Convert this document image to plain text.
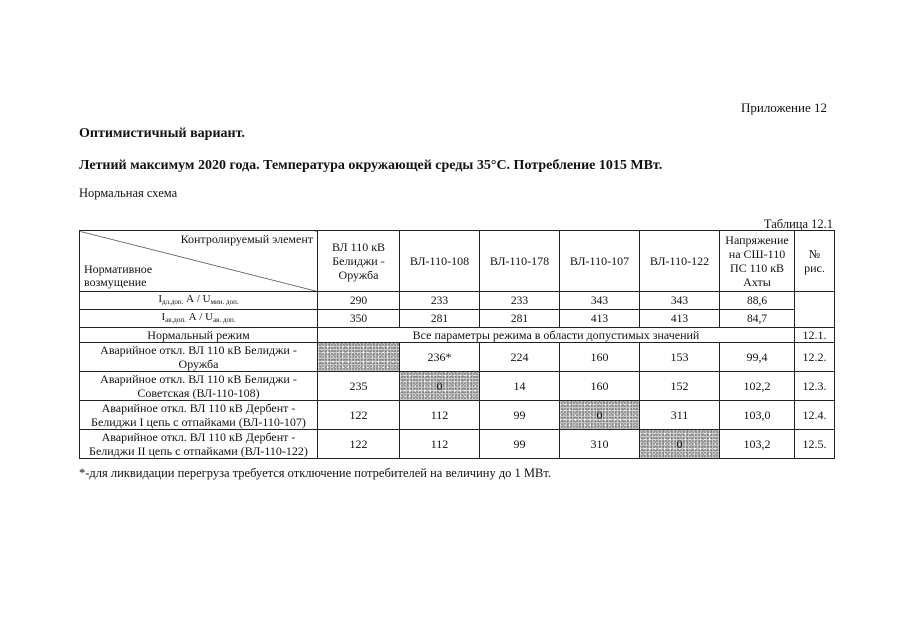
Приложение 12
Оптимистичный вариант.
Летний максимум 2020 года. Температура окружающей среды 35°С. Потребление 1015 МВт.
Нормальная схема
Таблица 12.1
Контролируемый элемент
Нормативное возмущение	ВЛ 110 кВ Белиджи - Оружба	ВЛ-110-108	ВЛ-110-178	ВЛ-110-107	ВЛ-110-122	Напряжение на СШ-110 ПС 110 кВ Ахты	№ рис.
$I_{дл.доп.}$ А / $U_{мин. доп.}$	290	233	233	343	343	88,6	
$I_{ав.доп.}$ А / $U_{ав. доп.}$	350	281	281	413	413	84,7	
Нормальный режим	Все параметры режима в области допустимых значений						12.1.
Аварийное откл. ВЛ 110 кВ Белиджи - Оружба		236*	224	160	153	99,4	12.2.
Аварийное откл. ВЛ 110 кВ Белиджи - Советская (ВЛ-110-108)	235	0	14	160	152	102,2	12.3.
Аварийное откл. ВЛ 110 кВ Дербент - Белиджи I цепь с отпайками (ВЛ-110-107)	122	112	99	0	311	103,0	12.4.
Аварийное откл. ВЛ 110 кВ Дербент - Белиджи II цепь с отпайками (ВЛ-110-122)	122	112	99	310	0	103,2	12.5.
*-для ликвидации перегруза требуется отключение потребителей на величину до 1 МВт.
